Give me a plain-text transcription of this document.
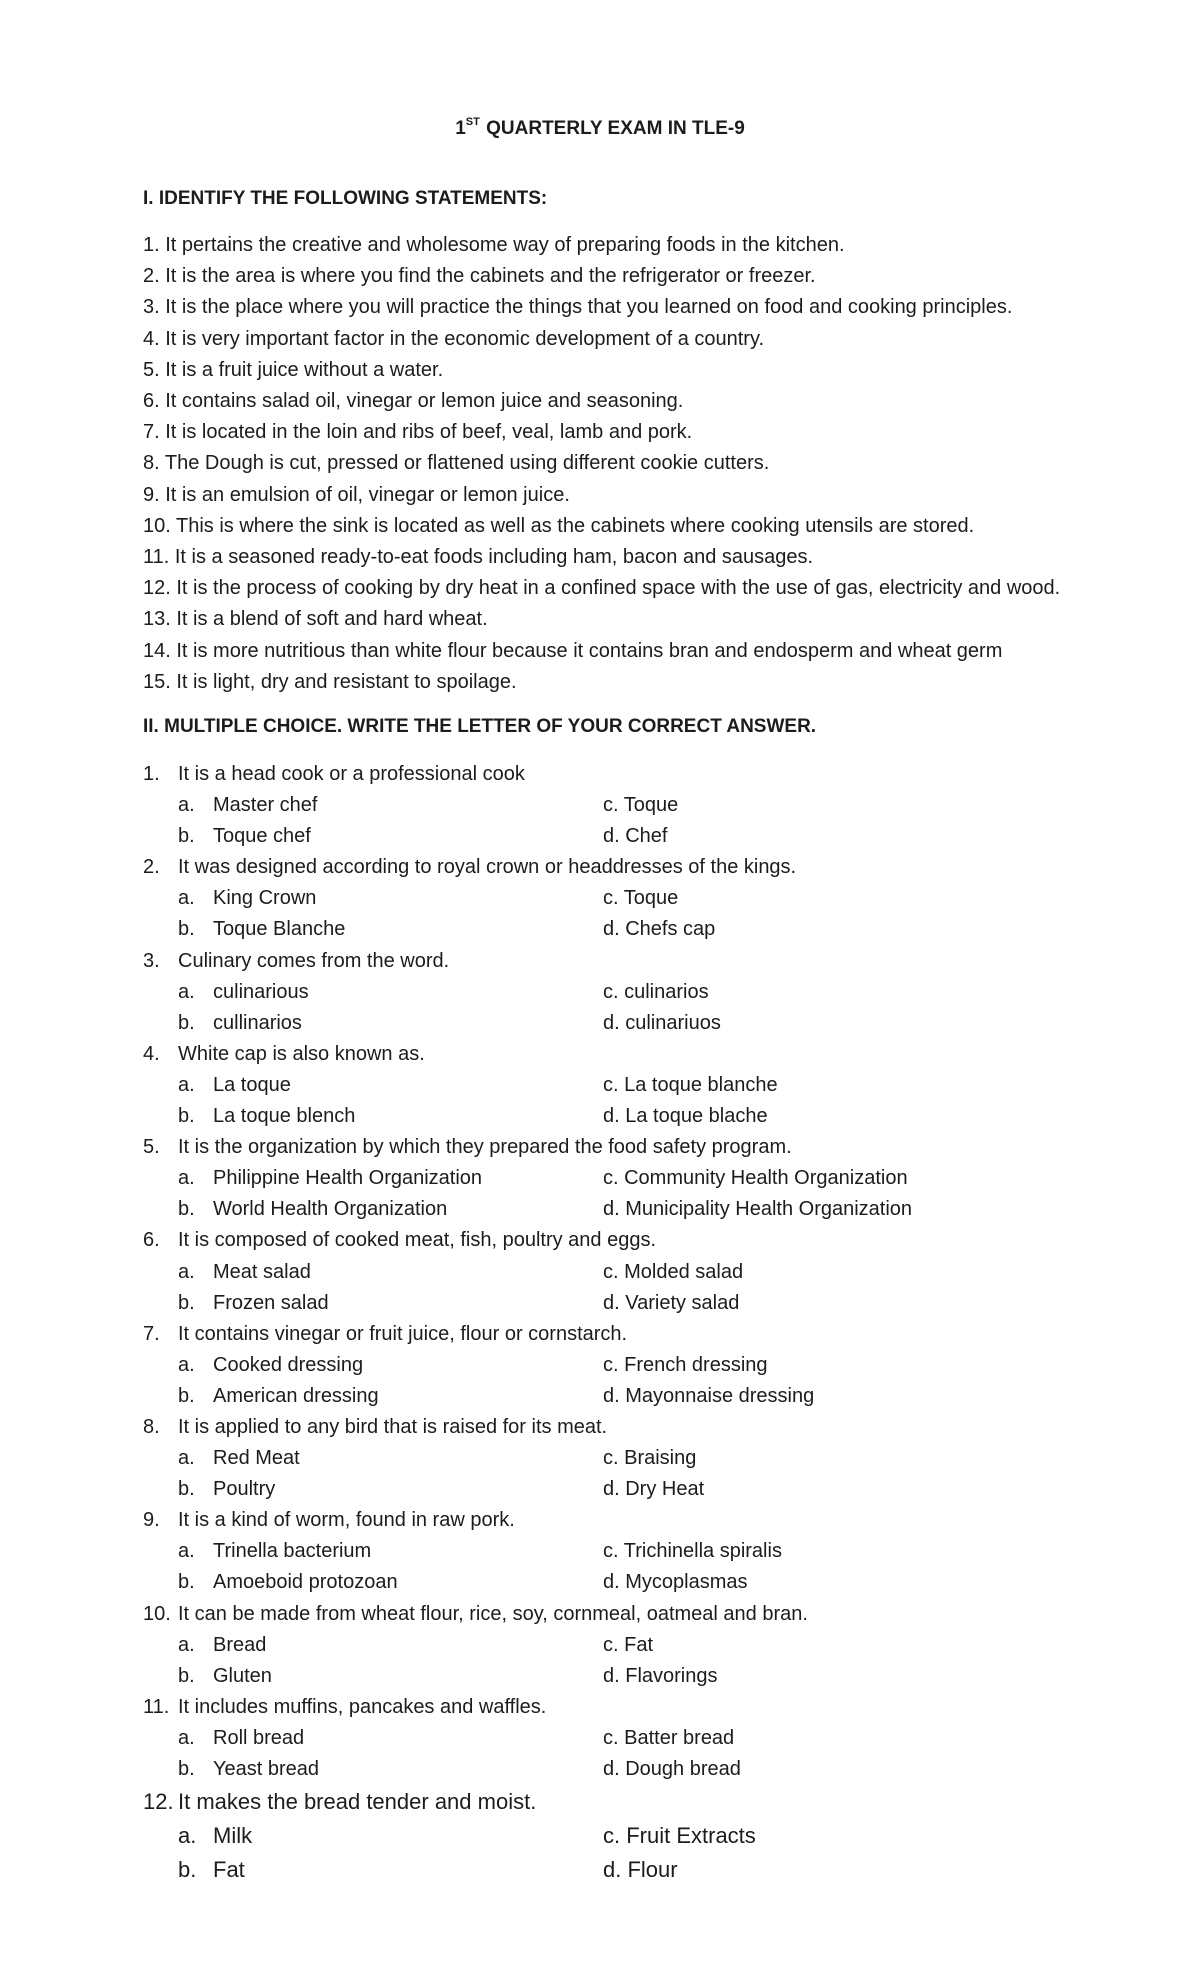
1ST QUARTERLY EXAM IN TLE-9
I. IDENTIFY THE FOLLOWING STATEMENTS:
1. It pertains the creative and wholesome way of preparing foods in the kitchen.
2. It is the area is where you find the cabinets and the refrigerator or freezer.
3. It is the place where you will practice the things that you learned on food and cooking principles.
4. It is very important factor in the economic development of a country.
5. It is a fruit juice without a water.
6. It contains salad oil, vinegar or lemon juice and seasoning.
7. It is located in the loin and ribs of beef, veal, lamb and pork.
8. The Dough is cut, pressed or flattened using different cookie cutters.
9. It is an emulsion of oil, vinegar or lemon juice.
10. This is where the sink is located as well as the cabinets where cooking utensils are stored.
11. It is a seasoned ready-to-eat foods including ham, bacon and sausages.
12. It is the process of cooking by dry heat in a confined space with the use of gas, electricity and wood.
13. It is a blend of soft and hard wheat.
14. It is more nutritious than white flour because it contains bran and endosperm and wheat germ
15. It is light, dry and resistant to spoilage.
II. MULTIPLE CHOICE. WRITE THE LETTER OF YOUR CORRECT ANSWER.
1. It is a head cook or a professional cook
a. Master chef	c. Toque
b. Toque chef	d. Chef
2. It was designed according to royal crown or headdresses of the kings.
a. King Crown	c. Toque
b. Toque Blanche	d. Chefs cap
3. Culinary comes from the word.
a. culinarious	c. culinarios
b. cullinarios	d. culinariuos
4. White cap is also known as.
a. La toque	c. La toque blanche
b. La toque blench	d. La toque blache
5. It is the organization by which they prepared the food safety program.
a. Philippine Health Organization	c. Community Health Organization
b. World Health Organization	d. Municipality Health Organization
6. It is composed of cooked meat, fish, poultry and eggs.
a. Meat salad	c. Molded salad
b. Frozen salad	d. Variety salad
7. It contains vinegar or fruit juice, flour or cornstarch.
a. Cooked dressing	c. French dressing
b. American dressing	d. Mayonnaise dressing
8. It is applied to any bird that is raised for its meat.
a. Red Meat	c. Braising
b. Poultry	d. Dry Heat
9. It is a kind of worm, found in raw pork.
a. Trinella bacterium	c. Trichinella spiralis
b. Amoeboid protozoan	d. Mycoplasmas
10. It can be made from wheat flour, rice, soy, cornmeal, oatmeal and bran.
a. Bread	c. Fat
b. Gluten	d. Flavorings
11. It includes muffins, pancakes and waffles.
a. Roll bread	c. Batter bread
b. Yeast bread	d. Dough bread
12. It makes the bread tender and moist.
a. Milk	c. Fruit Extracts
b. Fat	d. Flour
